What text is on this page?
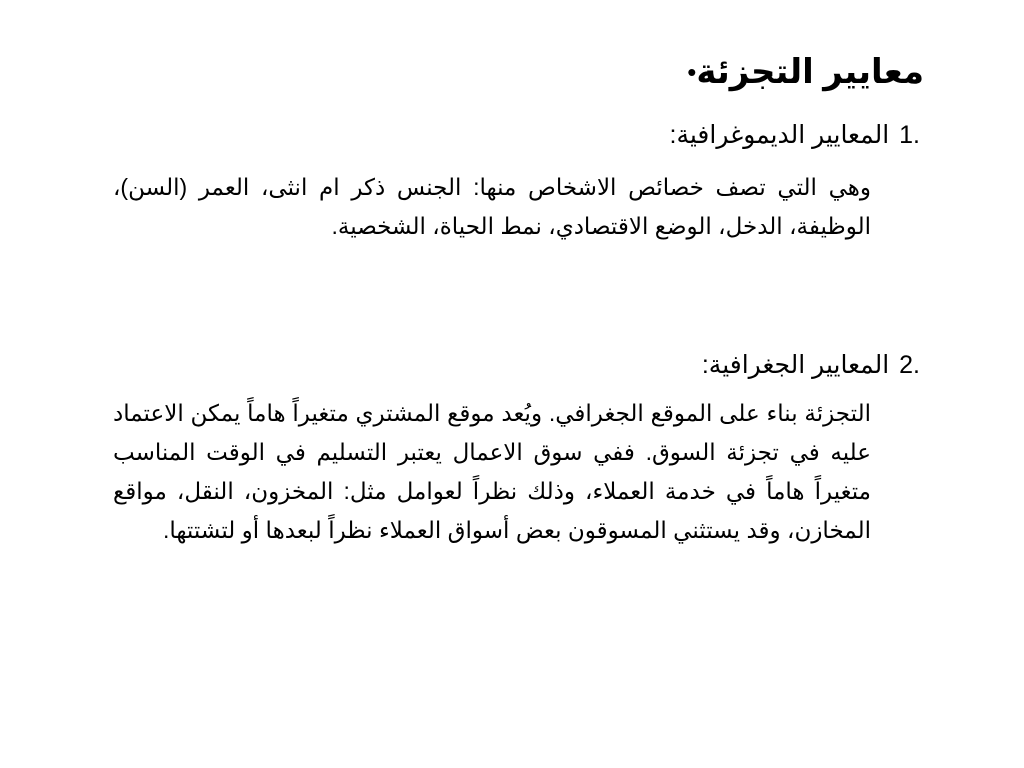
• معايير التجزئة
1.
المعايير الديموغرافية:
وهي التي تصف خصائص الاشخاص منها: الجنس ذكر ام انثى، العمر (السن)، الوظيفة، الدخل، الوضع الاقتصادي، نمط الحياة، الشخصية.
2.
المعايير الجغرافية:
التجزئة بناء على الموقع الجغرافي. ويُعد موقع المشتري متغيراً هاماً يمكن الاعتماد عليه في تجزئة السوق. ففي سوق الاعمال يعتبر التسليم في الوقت المناسب متغيراً هاماً في خدمة العملاء، وذلك نظراً لعوامل مثل: المخزون، النقل، مواقع المخازن، وقد يستثني المسوقون بعض أسواق العملاء نظراً لبعدها أو لتشتتها.
